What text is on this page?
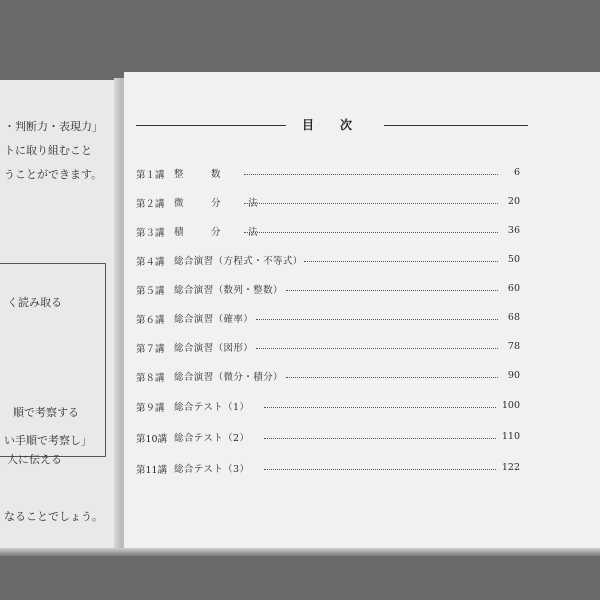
・判断力・表現力」
トに取り組むこと
うことができます。
く読み取る
順で考察する
人に伝える
い手順で考察し」
なることでしょう。
目 次
第１講 整　数	6
第２講 微　分　法	20
第３講 積　分　法	36
第４講 総合演習（方程式・不等式）	50
第５講 総合演習（数列・整数）	60
第６講 総合演習（確率）	68
第７講 総合演習（図形）	78
第８講 総合演習（微分・積分）	90
第９講 総合テスト（1）	100
第10講 総合テスト（2）	110
第11講 総合テスト（3）	122
